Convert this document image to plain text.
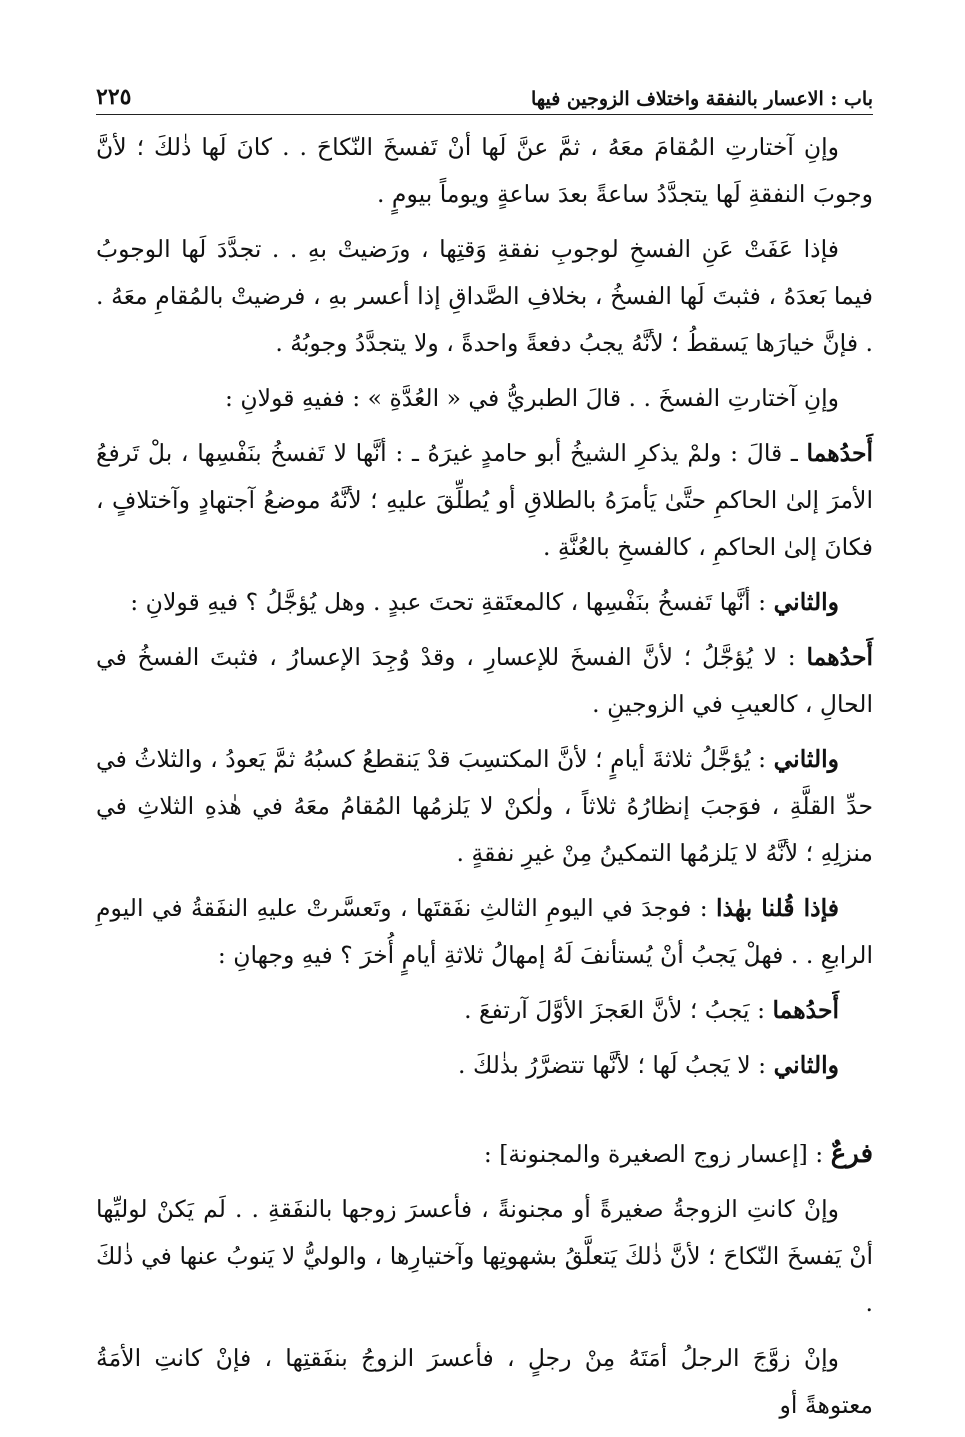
باب : الاعسار بالنفقة واختلاف الزوجين فيها
٢٢٥

وإنِ آختارتِ المُقامَ معَهُ ، ثمَّ عنَّ لَها أنْ تَفسخَ النّكاحَ . . كانَ لَها ذٰلكَ ؛ لأنَّ وجوبَ النفقةِ لَها يتجدَّدُ ساعةً بعدَ ساعةٍ ويوماً بيومٍ .

فإذا عَفَتْ عَنِ الفسخِ لوجوبِ نفقةِ وَقتِها ، ورَضيتْ بهِ . . تجدَّدَ لَها الوجوبُ فيما بَعدَهُ ، فثبتَ لَها الفسخُ ، بخلافِ الصَّداقِ إذا أعسر بهِ ، فرضيتْ بالمُقامِ معَهُ . . فإنَّ خيارَها يَسقطُ ؛ لأنَّهُ يجبُ دفعةً واحدةً ، ولا يتجدَّدُ وجوبُهُ .

وإنِ آختارتِ الفسخَ . . قالَ الطبريُّ في « العُدَّةِ » : ففيهِ قولانِ :

أَحدُهما ـ قالَ : ولمْ يذكرِ الشيخُ أبو حامدٍ غيرَهُ ـ : أنَّها لا تَفسخُ بنَفْسِها ، بلْ تَرفعُ الأمرَ إلىٰ الحاكمِ حتَّىٰ يَأمرَهُ بالطلاقِ أو يُطلِّقَ عليهِ ؛ لأنَّهُ موضعُ آجتهادٍ وآختلافٍ ، فكانَ إلىٰ الحاكمِ ، كالفسخِ بالعُنَّةِ .

والثاني : أنَّها تَفسخُ بنَفْسِها ، كالمعتَقةِ تحتَ عبدٍ . وهل يُؤجَّلُ ؟ فيهِ قولانِ :

أَحدُهما : لا يُؤجَّلُ ؛ لأنَّ الفسخَ للإعسارِ ، وقدْ وُجِدَ الإعسارُ ، فثبتَ الفسخُ في الحالِ ، كالعيبِ في الزوجينِ .

والثاني : يُؤجَّلُ ثلاثةَ أيامٍ ؛ لأنَّ المكتسِبَ قدْ يَنقطعُ كسبُهُ ثمَّ يَعودُ ، والثلاثُ في حدِّ القلَّةِ ، فوَجبَ إنظارُهُ ثلاثاً ، ولٰكنْ لا يَلزمُها المُقامُ معَهُ في هٰذهِ الثلاثِ في منزلِهِ ؛ لأنَّهُ لا يَلزمُها التمكينُ مِنْ غيرِ نفقةٍ .

فإذا قُلنا بهٰذا : فوجدَ في اليومِ الثالثِ نفَقتَها ، وتَعسَّرتْ عليهِ النفَقةُ في اليومِ الرابعِ . . فهلْ يَجبُ أنْ يُستأنفَ لَهُ إمهالُ ثلاثةِ أيامٍ أُخرَ ؟ فيهِ وجهانِ :

أَحدُهما : يَجبُ ؛ لأنَّ العَجزَ الأوَّلَ آرتفعَ .

والثاني : لا يَجبُ لَها ؛ لأنَّها تتضرَّرُ بذٰلكَ .

فرعٌ : [إعسار زوج الصغيرة والمجنونة] :

وإنْ كانتِ الزوجةُ صغيرةً أو مجنونةً ، فأعسرَ زوجها بالنفَقةِ . . لَم يَكنْ لوليِّها أنْ يَفسخَ النّكاحَ ؛ لأنَّ ذٰلكَ يَتعلَّقُ بشهوتِها وآختيارِها ، والوليُّ لا يَنوبُ عنها في ذٰلكَ .

وإنْ زوَّجَ الرجلُ أمَتَهُ مِنْ رجلٍ ، فأعسرَ الزوجُ بنفَقتِها ، فإنْ كانتِ الأمَةُ معتوهةً أو
